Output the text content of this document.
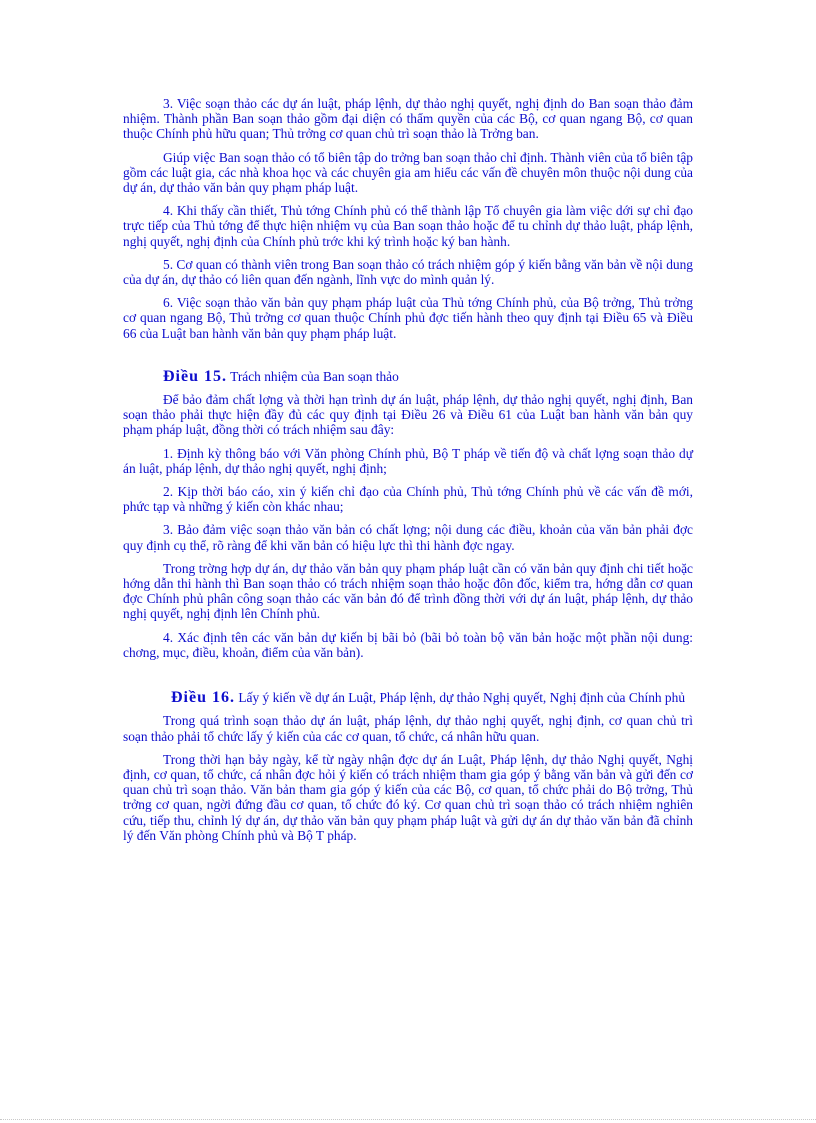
3. Việc soạn thảo các dự án luật, pháp lệnh, dự thảo nghị quyết, nghị định do Ban soạn thảo đảm nhiệm. Thành phần Ban soạn thảo gồm đại diện có thẩm quyền của các Bộ, cơ quan ngang Bộ, cơ quan thuộc Chính phủ hữu quan; Thủ trởng cơ quan chủ trì soạn thảo là Trởng ban.

Giúp việc Ban soạn thảo có tổ biên tập do trởng ban soạn thảo chỉ định. Thành viên của tổ biên tập gồm các luật gia, các nhà khoa học và các chuyên gia am hiểu các vấn đề chuyên môn thuộc nội dung của dự án, dự thảo văn bản quy phạm pháp luật.

4. Khi thấy cần thiết, Thủ tớng Chính phủ có thể thành lập Tổ chuyên gia làm việc dới sự chỉ đạo trực tiếp của Thủ tớng để thực hiện nhiệm vụ của Ban soạn thảo hoặc để tu chỉnh dự thảo luật, pháp lệnh, nghị quyết, nghị định của Chính phủ trớc khi ký trình hoặc ký ban hành.

5. Cơ quan có thành viên trong Ban soạn thảo có trách nhiệm góp ý kiến bằng văn bản về nội dung của dự án, dự thảo có liên quan đến ngành, lĩnh vực do mình quản lý.

6. Việc soạn thảo văn bản quy phạm pháp luật của Thủ tớng Chính phủ, của Bộ trởng, Thủ trởng cơ quan ngang Bộ, Thủ trởng cơ quan thuộc Chính phủ đợc tiến hành theo quy định tại Điều 65 và Điều 66 của Luật ban hành văn bản quy phạm pháp luật.

Điều 15. Trách nhiệm của Ban soạn thảo

Để bảo đảm chất lợng và thời hạn trình dự án luật, pháp lệnh, dự thảo nghị quyết, nghị định, Ban soạn thảo phải thực hiện đầy đủ các quy định tại Điều 26 và Điều 61 của Luật ban hành văn bản quy phạm pháp luật, đồng thời có trách nhiệm sau đây:

1. Định kỳ thông báo với Văn phòng Chính phủ, Bộ T pháp về tiến độ và chất lợng soạn thảo dự án luật, pháp lệnh, dự thảo nghị quyết, nghị định;

2. Kịp thời báo cáo, xin ý kiến chỉ đạo của Chính phủ, Thủ tớng Chính phủ về các vấn đề mới, phức tạp và những ý kiến còn khác nhau;

3. Bảo đảm việc soạn thảo văn bản có chất lợng; nội dung các điều, khoản của văn bản phải đợc quy định cụ thể, rõ ràng để khi văn bản có hiệu lực thì thi hành đợc ngay.

Trong trờng hợp dự án, dự thảo văn bản quy phạm pháp luật cần có văn bản quy định chi tiết hoặc hớng dẫn thi hành thì Ban soạn thảo có trách nhiệm soạn thảo hoặc đôn đốc, kiểm tra, hớng dẫn cơ quan đợc Chính phủ phân công soạn thảo các văn bản đó để trình đồng thời với dự án luật, pháp lệnh, dự thảo nghị quyết, nghị định lên Chính phủ.

4. Xác định tên các văn bản dự kiến bị bãi bỏ (bãi bỏ toàn bộ văn bản hoặc một phần nội dung: chơng, mục, điều, khoản, điểm của văn bản).

Điều 16. Lấy ý kiến về dự án Luật, Pháp lệnh, dự thảo Nghị quyết, Nghị định của Chính phủ

Trong quá trình soạn thảo dự án luật, pháp lệnh, dự thảo nghị quyết, nghị định, cơ quan chủ trì soạn thảo phải tổ chức lấy ý kiến của các cơ quan, tổ chức, cá nhân hữu quan.

Trong thời hạn bảy ngày, kể từ ngày nhận đợc dự án Luật, Pháp lệnh, dự thảo Nghị quyết, Nghị định, cơ quan, tổ chức, cá nhân đợc hỏi ý kiến có trách nhiệm tham gia góp ý bằng văn bản và gửi đến cơ quan chủ trì soạn thảo. Văn bản tham gia góp ý kiến của các Bộ, cơ quan, tổ chức phải do Bộ trởng, Thủ trởng cơ quan, ngời đứng đầu cơ quan, tổ chức đó ký. Cơ quan chủ trì soạn thảo có trách nhiệm nghiên cứu, tiếp thu, chỉnh lý dự án, dự thảo văn bản quy phạm pháp luật và gửi dự án dự thảo văn bản đã chỉnh lý đến Văn phòng Chính phủ và Bộ T pháp.
